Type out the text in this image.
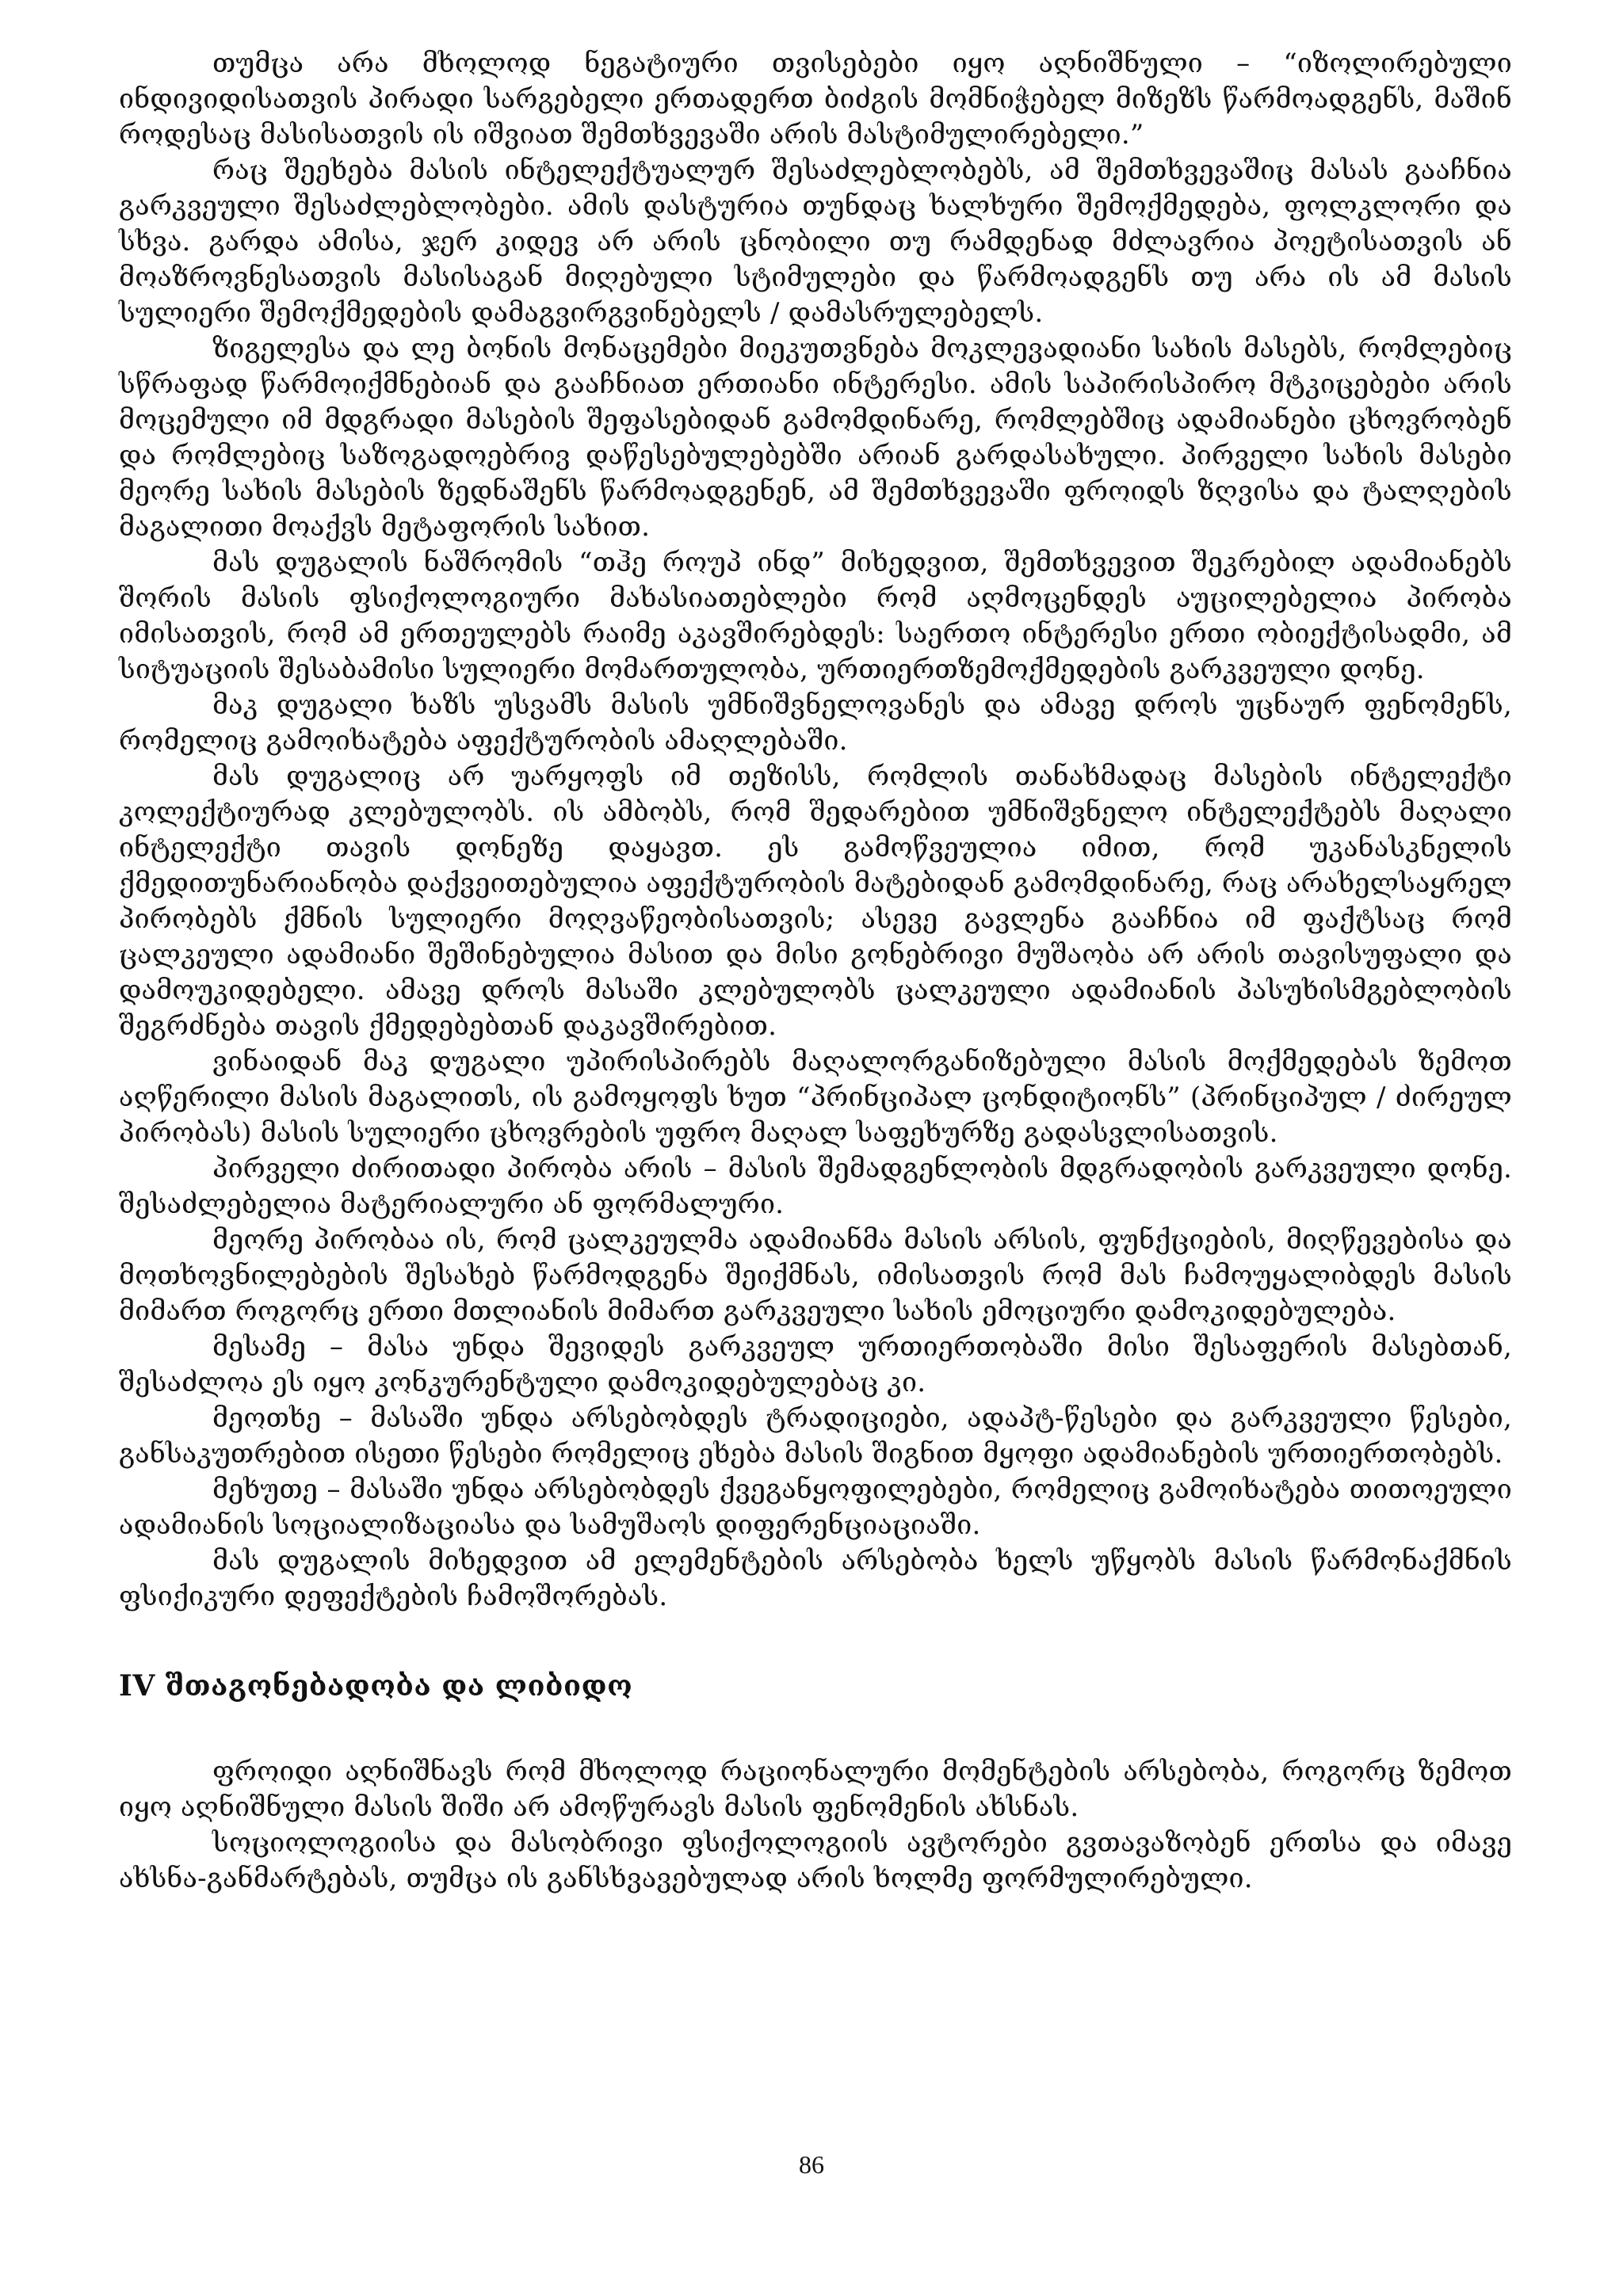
თუმცა არა მხოლოდ ნეგატიური თვისებები იყო აღნიშნული – “იზოლირებული ინდივიდისათვის პირადი სარგებელი ერთადერთ ბიძგის მომნიჭებელ მიზეზს წარმოადგენს, მაშინ როდესაც მასისათვის ის იშვიათ შემთხვევაში არის მასტიმულირებელი.”

რაც შეეხება მასის ინტელექტუალურ შესაძლებლობებს, ამ შემთხვევაშიც მასას გააჩნია გარკვეული შესაძლებლობები. ამის დასტურია თუნდაც ხალხური შემოქმედება, ფოლკლორი და სხვა. გარდა ამისა, ჯერ კიდევ არ არის ცნობილი თუ რამდენად მძლავრია პოეტისათვის ან მოაზროვნესათვის მასისაგან მიღებული სტიმულები და წარმოადგენს თუ არა ის ამ მასის სულიერი შემოქმედების დამაგვირგვინებელს / დამასრულებელს.

ზიგელესა და ლე ბონის მონაცემები მიეკუთვნება მოკლევადიანი სახის მასებს, რომლებიც სწრაფად წარმოიქმნებიან და გააჩნიათ ერთიანი ინტერესი. ამის საპირისპირო მტკიცებები არის მოცემული იმ მდგრადი მასების შეფასებიდან გამომდინარე, რომლებშიც ადამიანები ცხოვრობენ და რომლებიც საზოგადოებრივ დაწესებულებებში არიან გარდასახული. პირველი სახის მასები მეორე სახის მასების ზედნაშენს წარმოადგენენ, ამ შემთხვევაში ფროიდს ზღვისა და ტალღების მაგალითი მოაქვს მეტაფორის სახით.

მას დუგალის ნაშრომის “თჰე როუპ ინდ” მიხედვით, შემთხვევით შეკრებილ ადამიანებს შორის მასის ფსიქოლოგიური მახასიათებლები რომ აღმოცენდეს აუცილებელია პირობა იმისათვის, რომ ამ ერთეულებს რაიმე აკავშირებდეს: საერთო ინტერესი ერთი ობიექტისადმი, ამ სიტუაციის შესაბამისი სულიერი მომართულობა, ურთიერთზემოქმედების გარკვეული დონე.

მაკ დუგალი ხაზს უსვამს მასის უმნიშვნელოვანეს და ამავე დროს უცნაურ ფენომენს, რომელიც გამოიხატება აფექტურობის ამაღლებაში.

მას დუგალიც არ უარყოფს იმ თეზისს, რომლის თანახმადაც მასების ინტელექტი კოლექტიურად კლებულობს. ის ამბობს, რომ შედარებით უმნიშვნელო ინტელექტებს მაღალი ინტელექტი თავის დონეზე დაყავთ. ეს გამოწვეულია იმით, რომ უკანასკნელის ქმედითუნარიანობა დაქვეითებულია აფექტურობის მატებიდან გამომდინარე, რაც არახელსაყრელ პირობებს ქმნის სულიერი მოღვაწეობისათვის; ასევე გავლენა გააჩნია იმ ფაქტსაც რომ ცალკეული ადამიანი შეშინებულია მასით და მისი გონებრივი მუშაობა არ არის თავისუფალი და დამოუკიდებელი. ამავე დროს მასაში კლებულობს ცალკეული ადამიანის პასუხისმგებლობის შეგრძნება თავის ქმედებებთან დაკავშირებით.

ვინაიდან მაკ დუგალი უპირისპირებს მაღალორგანიზებული მასის მოქმედებას ზემოთ აღწერილი მასის მაგალითს, ის გამოყოფს ხუთ “პრინციპალ ცონდიტიონს” (პრინციპულ / ძირეულ პირობას) მასის სულიერი ცხოვრების უფრო მაღალ საფეხურზე გადასვლისათვის.

პირველი ძირითადი პირობა არის – მასის შემადგენლობის მდგრადობის გარკვეული დონე. შესაძლებელია მატერიალური ან ფორმალური.

მეორე პირობაა ის, რომ ცალკეულმა ადამიანმა მასის არსის, ფუნქციების, მიღწევებისა და მოთხოვნილებების შესახებ წარმოდგენა შეიქმნას, იმისათვის რომ მას ჩამოუყალიბდეს მასის მიმართ როგორც ერთი მთლიანის მიმართ გარკვეული სახის ემოციური დამოკიდებულება.

მესამე – მასა უნდა შევიდეს გარკვეულ ურთიერთობაში მისი შესაფერის მასებთან, შესაძლოა ეს იყო კონკურენტული დამოკიდებულებაც კი.

მეოთხე – მასაში უნდა არსებობდეს ტრადიციები, ადაპტ-წესები და გარკვეული წესები, განსაკუთრებით ისეთი წესები რომელიც ეხება მასის შიგნით მყოფი ადამიანების ურთიერთობებს.

მეხუთე – მასაში უნდა არსებობდეს ქვეგანყოფილებები, რომელიც გამოიხატება თითოეული ადამიანის სოციალიზაციასა და სამუშაოს დიფერენციაციაში.

მას დუგალის მიხედვით ამ ელემენტების არსებობა ხელს უწყობს მასის წარმონაქმნის ფსიქიკური დეფექტების ჩამოშორებას.

IV შთაგონებადობა და ლიბიდო

ფროიდი აღნიშნავს რომ მხოლოდ რაციონალური მომენტების არსებობა, როგორც ზემოთ იყო აღნიშნული მასის შიში არ ამოწურავს მასის ფენომენის ახსნას.

სოციოლოგიისა და მასობრივი ფსიქოლოგიის ავტორები გვთავაზობენ ერთსა და იმავე ახსნა-განმარტებას, თუმცა ის განსხვავებულად არის ხოლმე ფორმულირებული.

86
